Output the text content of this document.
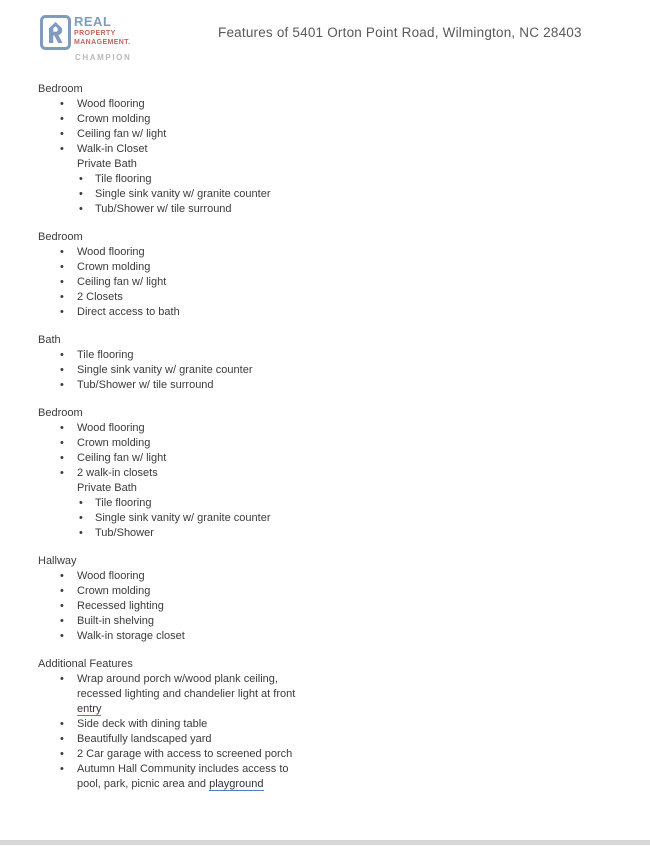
REAL
PROPERTY
MANAGEMENT.
CHAMPION
Features of 5401 Orton Point Road, Wilmington, NC 28403
Bedroom
• Wood flooring
• Crown molding
• Ceiling fan w/ light
• Walk-in Closet
Private Bath
• Tile flooring
• Single sink vanity w/ granite counter
• Tub/Shower w/ tile surround
Bedroom
• Wood flooring
• Crown molding
• Ceiling fan w/ light
• 2 Closets
• Direct access to bath
Bath
• Tile flooring
• Single sink vanity w/ granite counter
• Tub/Shower w/ tile surround
Bedroom
• Wood flooring
• Crown molding
• Ceiling fan w/ light
• 2 walk-in closets
Private Bath
• Tile flooring
• Single sink vanity w/ granite counter
• Tub/Shower
Hallway
• Wood flooring
• Crown molding
• Recessed lighting
• Built-in shelving
• Walk-in storage closet
Additional Features
• Wrap around porch w/wood plank ceiling,
recessed lighting and chandelier light at front
entry
• Side deck with dining table
• Beautifully landscaped yard
• 2 Car garage with access to screened porch
• Autumn Hall Community includes access to
pool, park, picnic area and playground
